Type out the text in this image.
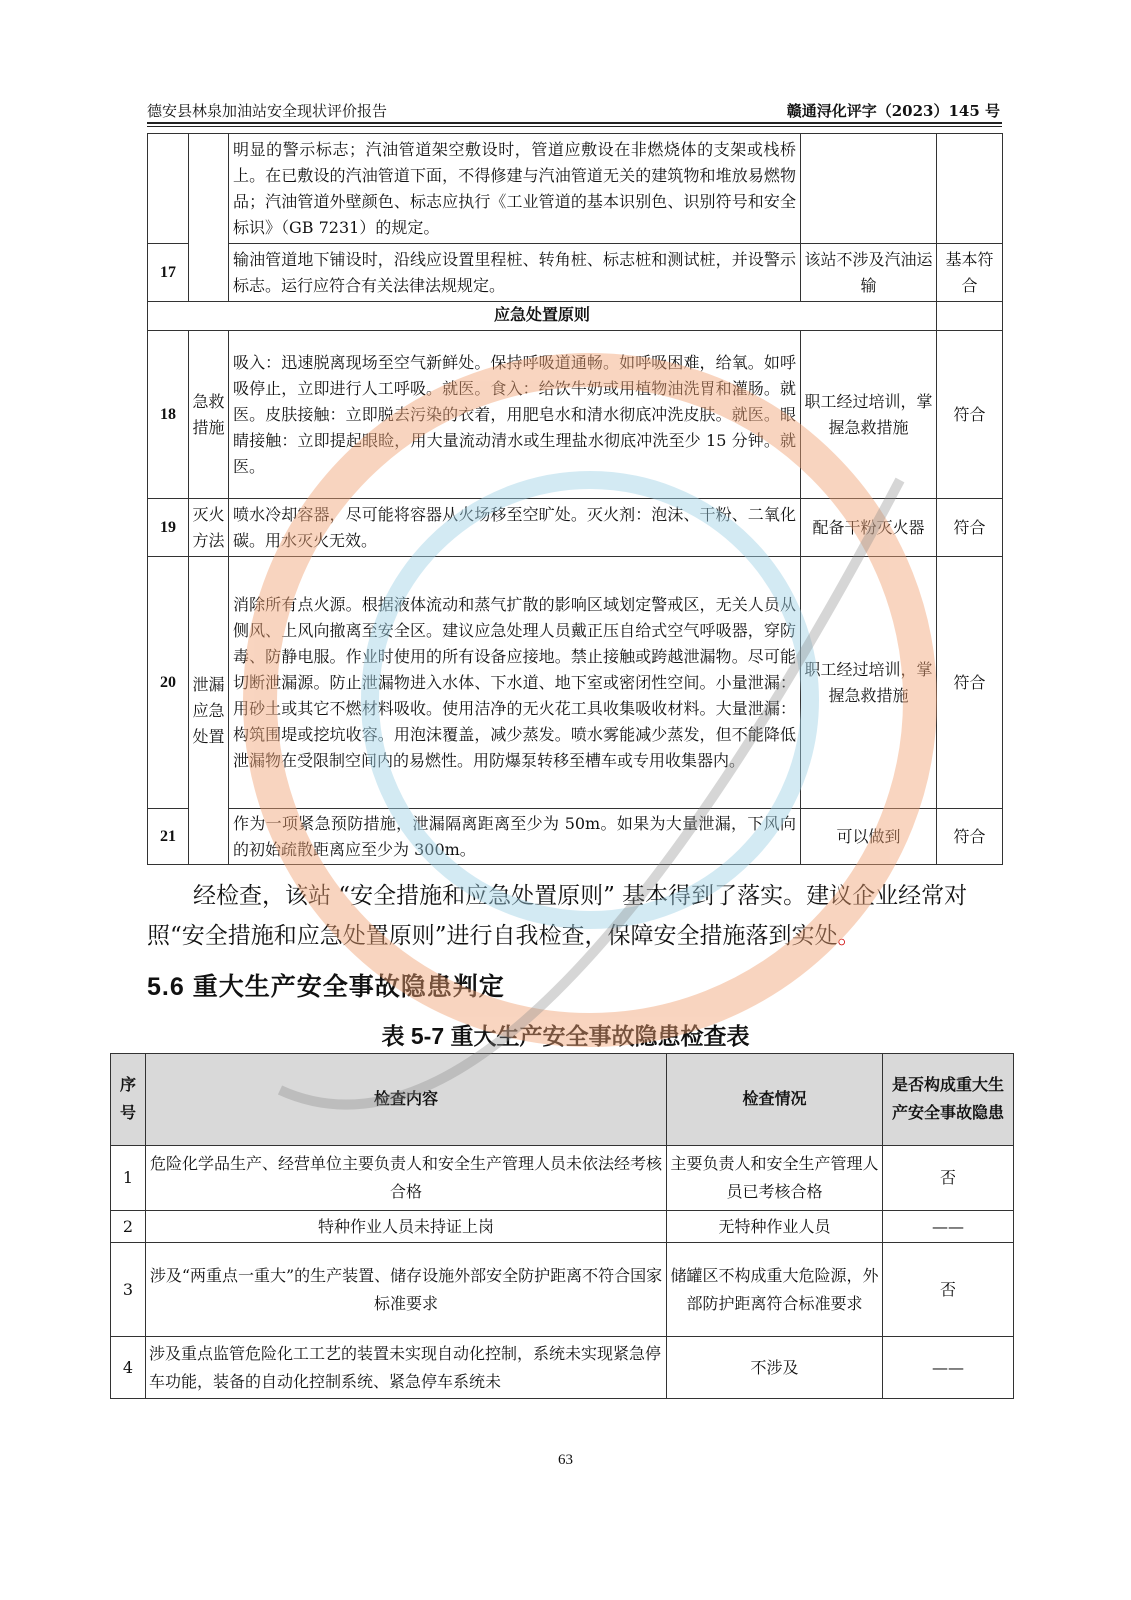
德安县林泉加油站安全现状评价报告	赣通浔化评字（2023）145 号
		明显的警示标志；汽油管道架空敷设时，管道应敷设在非燃烧体的支架或栈桥上。在已敷设的汽油管道下面，不得修建与汽油管道无关的建筑物和堆放易燃物品；汽油管道外壁颜色、标志应执行《工业管道的基本识别色、识别符号和安全标识》（GB 7231）的规定。		
17		输油管道地下铺设时，沿线应设置里程桩、转角桩、标志桩和测试桩，并设警示标志。运行应符合有关法律法规规定。	该站不涉及汽油运输	基本符合
应急处置原则				
18	急救措施	吸入：迅速脱离现场至空气新鲜处。保持呼吸道通畅。如呼吸困难，给氧。如呼吸停止，立即进行人工呼吸。就医。食入：给饮牛奶或用植物油洗胃和灌肠。就医。皮肤接触：立即脱去污染的衣着，用肥皂水和清水彻底冲洗皮肤。就医。眼睛接触：立即提起眼睑，用大量流动清水或生理盐水彻底冲洗至少 15 分钟。就医。	职工经过培训，掌握急救措施	符合
19	灭火方法	喷水冷却容器，尽可能将容器从火场移至空旷处。灭火剂：泡沫、干粉、二氧化碳。用水灭火无效。	配备干粉灭火器	符合
20	泄漏应急处置	消除所有点火源。根据液体流动和蒸气扩散的影响区域划定警戒区，无关人员从侧风、上风向撤离至安全区。建议应急处理人员戴正压自给式空气呼吸器，穿防毒、防静电服。作业时使用的所有设备应接地。禁止接触或跨越泄漏物。尽可能切断泄漏源。防止泄漏物进入水体、下水道、地下室或密闭性空间。小量泄漏：用砂土或其它不燃材料吸收。使用洁净的无火花工具收集吸收材料。大量泄漏：构筑围堤或挖坑收容。用泡沫覆盖，减少蒸发。喷水雾能减少蒸发，但不能降低泄漏物在受限制空间内的易燃性。用防爆泵转移至槽车或专用收集器内。	职工经过培训，掌握急救措施	符合
21		作为一项紧急预防措施，泄漏隔离距离至少为 50m。如果为大量泄漏，下风向的初始疏散距离应至少为 300m。	可以做到	符合
经检查，该站 “安全措施和应急处置原则” 基本得到了落实。建议企业经常对照“安全措施和应急处置原则”进行自我检查，保障安全措施落到实处。
5.6 重大生产安全事故隐患判定
表 5-7 重大生产安全事故隐患检查表
序号	检查内容	检查情况	是否构成重大生产安全事故隐患
1	危险化学品生产、经营单位主要负责人和安全生产管理人员未依法经考核合格	主要负责人和安全生产管理人员已考核合格	否
2	特种作业人员未持证上岗	无特种作业人员	——
3	涉及“两重点一重大”的生产装置、储存设施外部安全防护距离不符合国家标准要求	储罐区不构成重大危险源，外部防护距离符合标准要求	否
4	涉及重点监管危险化工工艺的装置未实现自动化控制，系统未实现紧急停车功能，装备的自动化控制系统、紧急停车系统未	不涉及	——
63
